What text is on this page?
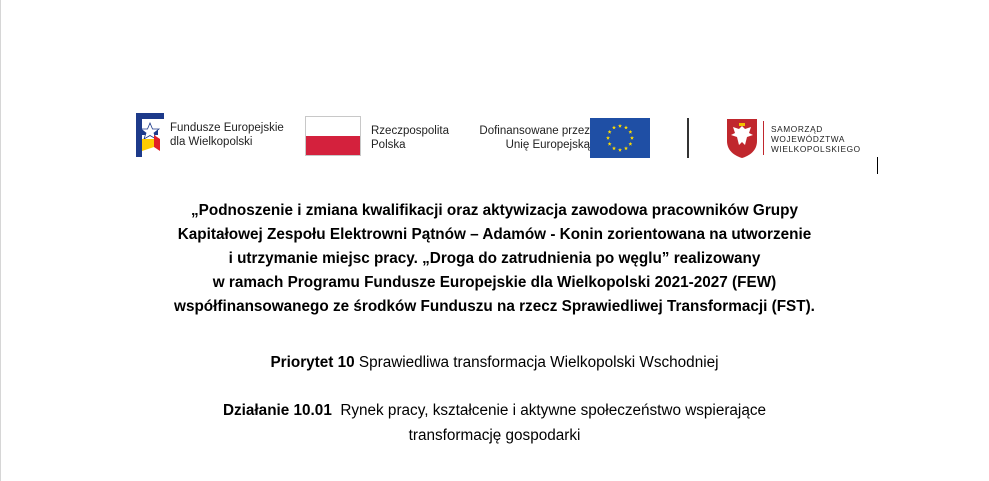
Fundusze Europejskie
dla Wielkopolski
Rzeczpospolita
Polska
Dofinansowane przez
Unię Europejską
SAMORZĄD
WOJEWÓDZTWA
WIELKOPOLSKIEGO
„Podnoszenie i zmiana kwalifikacji oraz aktywizacja zawodowa pracowników Grupy
Kapitałowej Zespołu Elektrowni Pątnów – Adamów - Konin zorientowana na utworzenie
i utrzymanie miejsc pracy. „Droga do zatrudnienia po węglu” realizowany
w ramach Programu Fundusze Europejskie dla Wielkopolski 2021-2027 (FEW)
współfinansowanego ze środków Funduszu na rzecz Sprawiedliwej Transformacji (FST).
Priorytet 10 Sprawiedliwa transformacja Wielkopolski Wschodniej
Działanie 10.01 Rynek pracy, kształcenie i aktywne społeczeństwo wspierające
transformację gospodarki
